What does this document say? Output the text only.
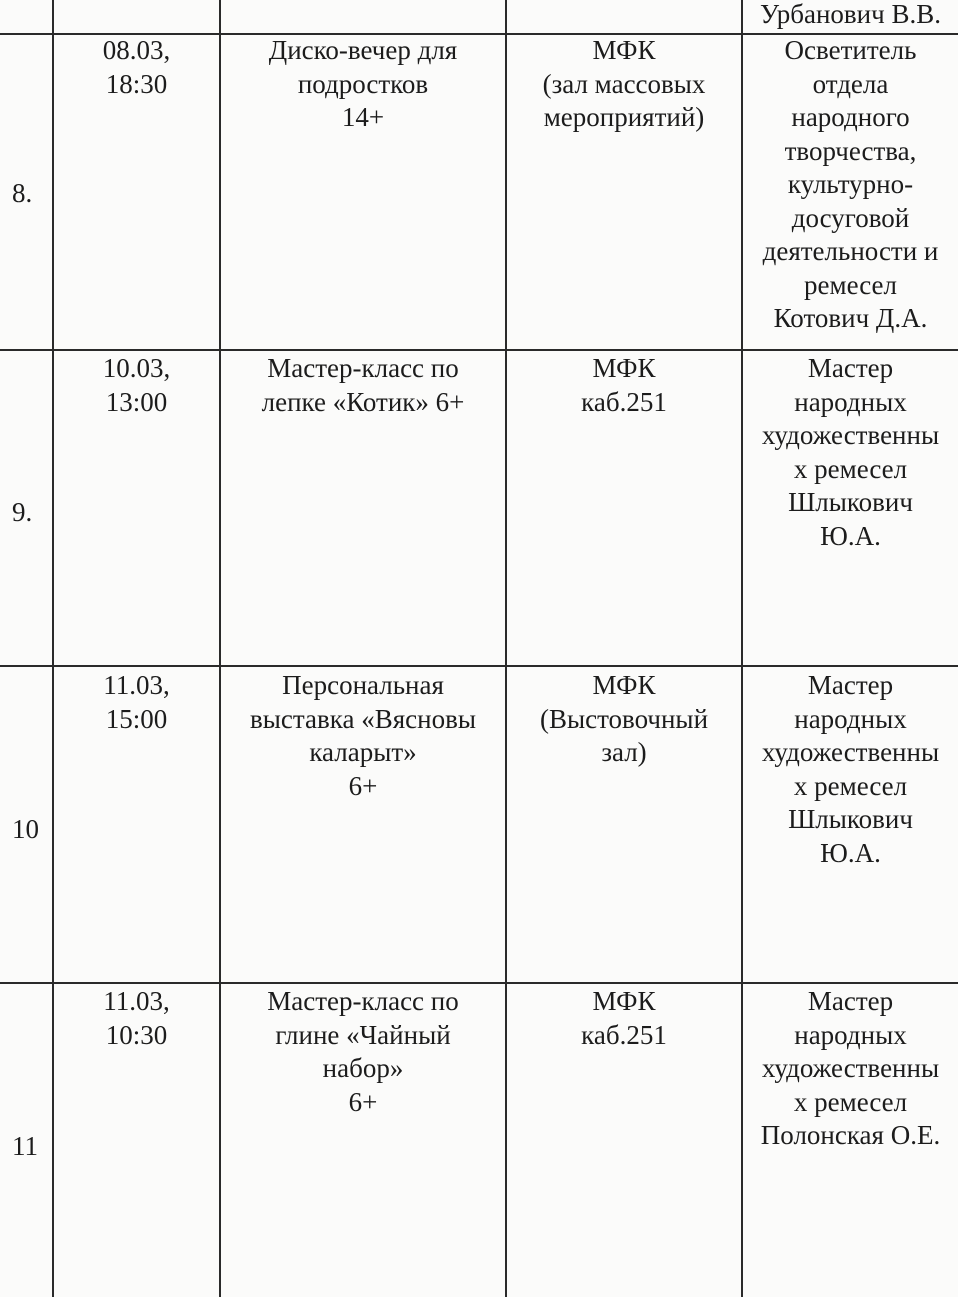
Урбанович В.В.
8.
08.03,
18:30
Диско-вечер для
подростков
14+
МФК
(зал массовых
мероприятий)
Осветитель
отдела
народного
творчества,
культурно-
досуговой
деятельности и
ремесел
Котович Д.А.
9.
10.03,
13:00
Мастер-класс по
лепке «Котик» 6+
МФК
каб.251
Мастер
народных
художественны
х ремесел
Шлыкович
Ю.А.
10
11.03,
15:00
Персональная
выставка «Вясновы
каларыт»
6+
МФК
(Выстовочный
зал)
Мастер
народных
художественны
х ремесел
Шлыкович
Ю.А.
11
11.03,
10:30
Мастер-класс по
глине «Чайный
набор»
6+
МФК
каб.251
Мастер
народных
художественны
х ремесел
Полонская О.Е.
